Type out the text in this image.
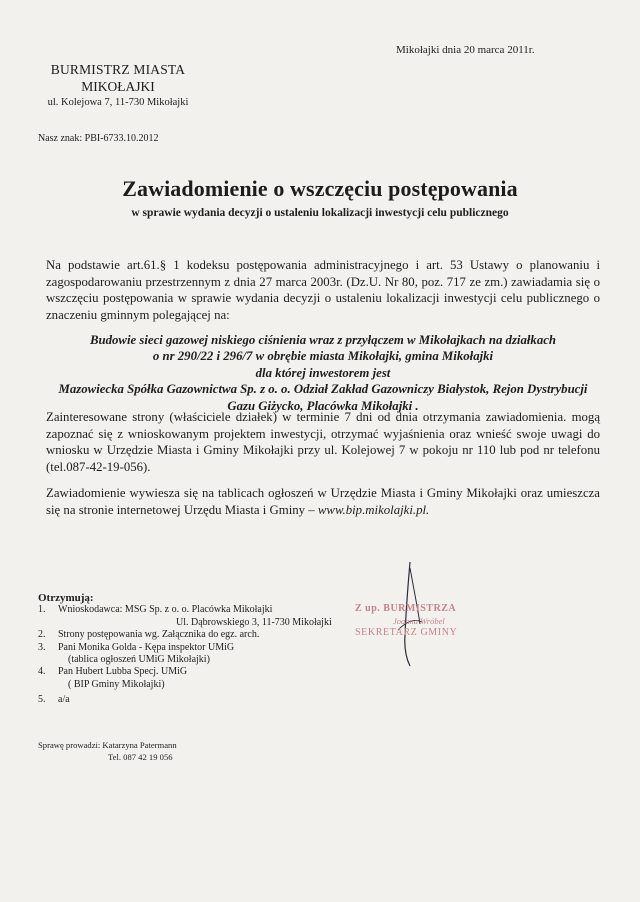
Mikołajki dnia 20 marca 2011r.
BURMISTRZ MIASTA
MIKOŁAJKI
ul. Kolejowa 7, 11-730 Mikołajki
Nasz znak: PBI-6733.10.2012
Zawiadomienie o wszczęciu postępowania
w sprawie wydania decyzji o ustaleniu lokalizacji inwestycji celu publicznego
Na podstawie art.61.§ 1 kodeksu postępowania administracyjnego i art. 53 Ustawy o planowaniu i zagospodarowaniu przestrzennym z dnia 27 marca 2003r. (Dz.U. Nr 80, poz. 717 ze zm.) zawiadamia się o wszczęciu postępowania w sprawie wydania decyzji o ustaleniu lokalizacji inwestycji celu publicznego o znaczeniu gminnym polegającej na:
Budowie sieci gazowej niskiego ciśnienia wraz z przyłączem w Mikołajkach na działkach
o nr 290/22 i 296/7 w obrębie miasta Mikołajki, gmina Mikołajki
dla której inwestorem jest
Mazowiecka Spółka Gazownictwa Sp. z o. o. Odział Zakład Gazowniczy Białystok, Rejon Dystrybucji
Gazu Giżycko, Placówka Mikołajki .
Zainteresowane strony (właściciele działek) w terminie 7 dni od dnia otrzymania zawiadomienia. mogą zapoznać się z wnioskowanym projektem inwestycji, otrzymać wyjaśnienia oraz wnieść swoje uwagi do wniosku w Urzędzie Miasta i Gminy Mikołajki przy ul. Kolejowej 7 w pokoju nr 110 lub pod nr telefonu (tel.087-42-19-056).
Zawiadomienie wywiesza się na tablicach ogłoszeń w Urzędzie Miasta i Gminy Mikołajki oraz umieszcza się na stronie internetowej Urzędu Miasta i Gminy – www.bip.mikolajki.pl.
Otrzymują:
1. Wnioskodawca: MSG Sp. z o. o. Placówka Mikołajki
Ul. Dąbrowskiego 3, 11-730 Mikołajki
2. Strony postępowania wg. Załącznika do egz. arch.
3. Pani Monika Golda - Kępa inspektor UMiG
(tablica ogłoszeń UMiG Mikołajki)
4. Pan Hubert Lubba Specj. UMiG
( BIP Gminy Mikołajki)
5. a/a
Sprawę prowadzi: Katarzyna Patermann
Tel. 087 42 19 056
Z up. BURMISTRZA
Joanna Wróbel
SEKRETARZ GMINY
